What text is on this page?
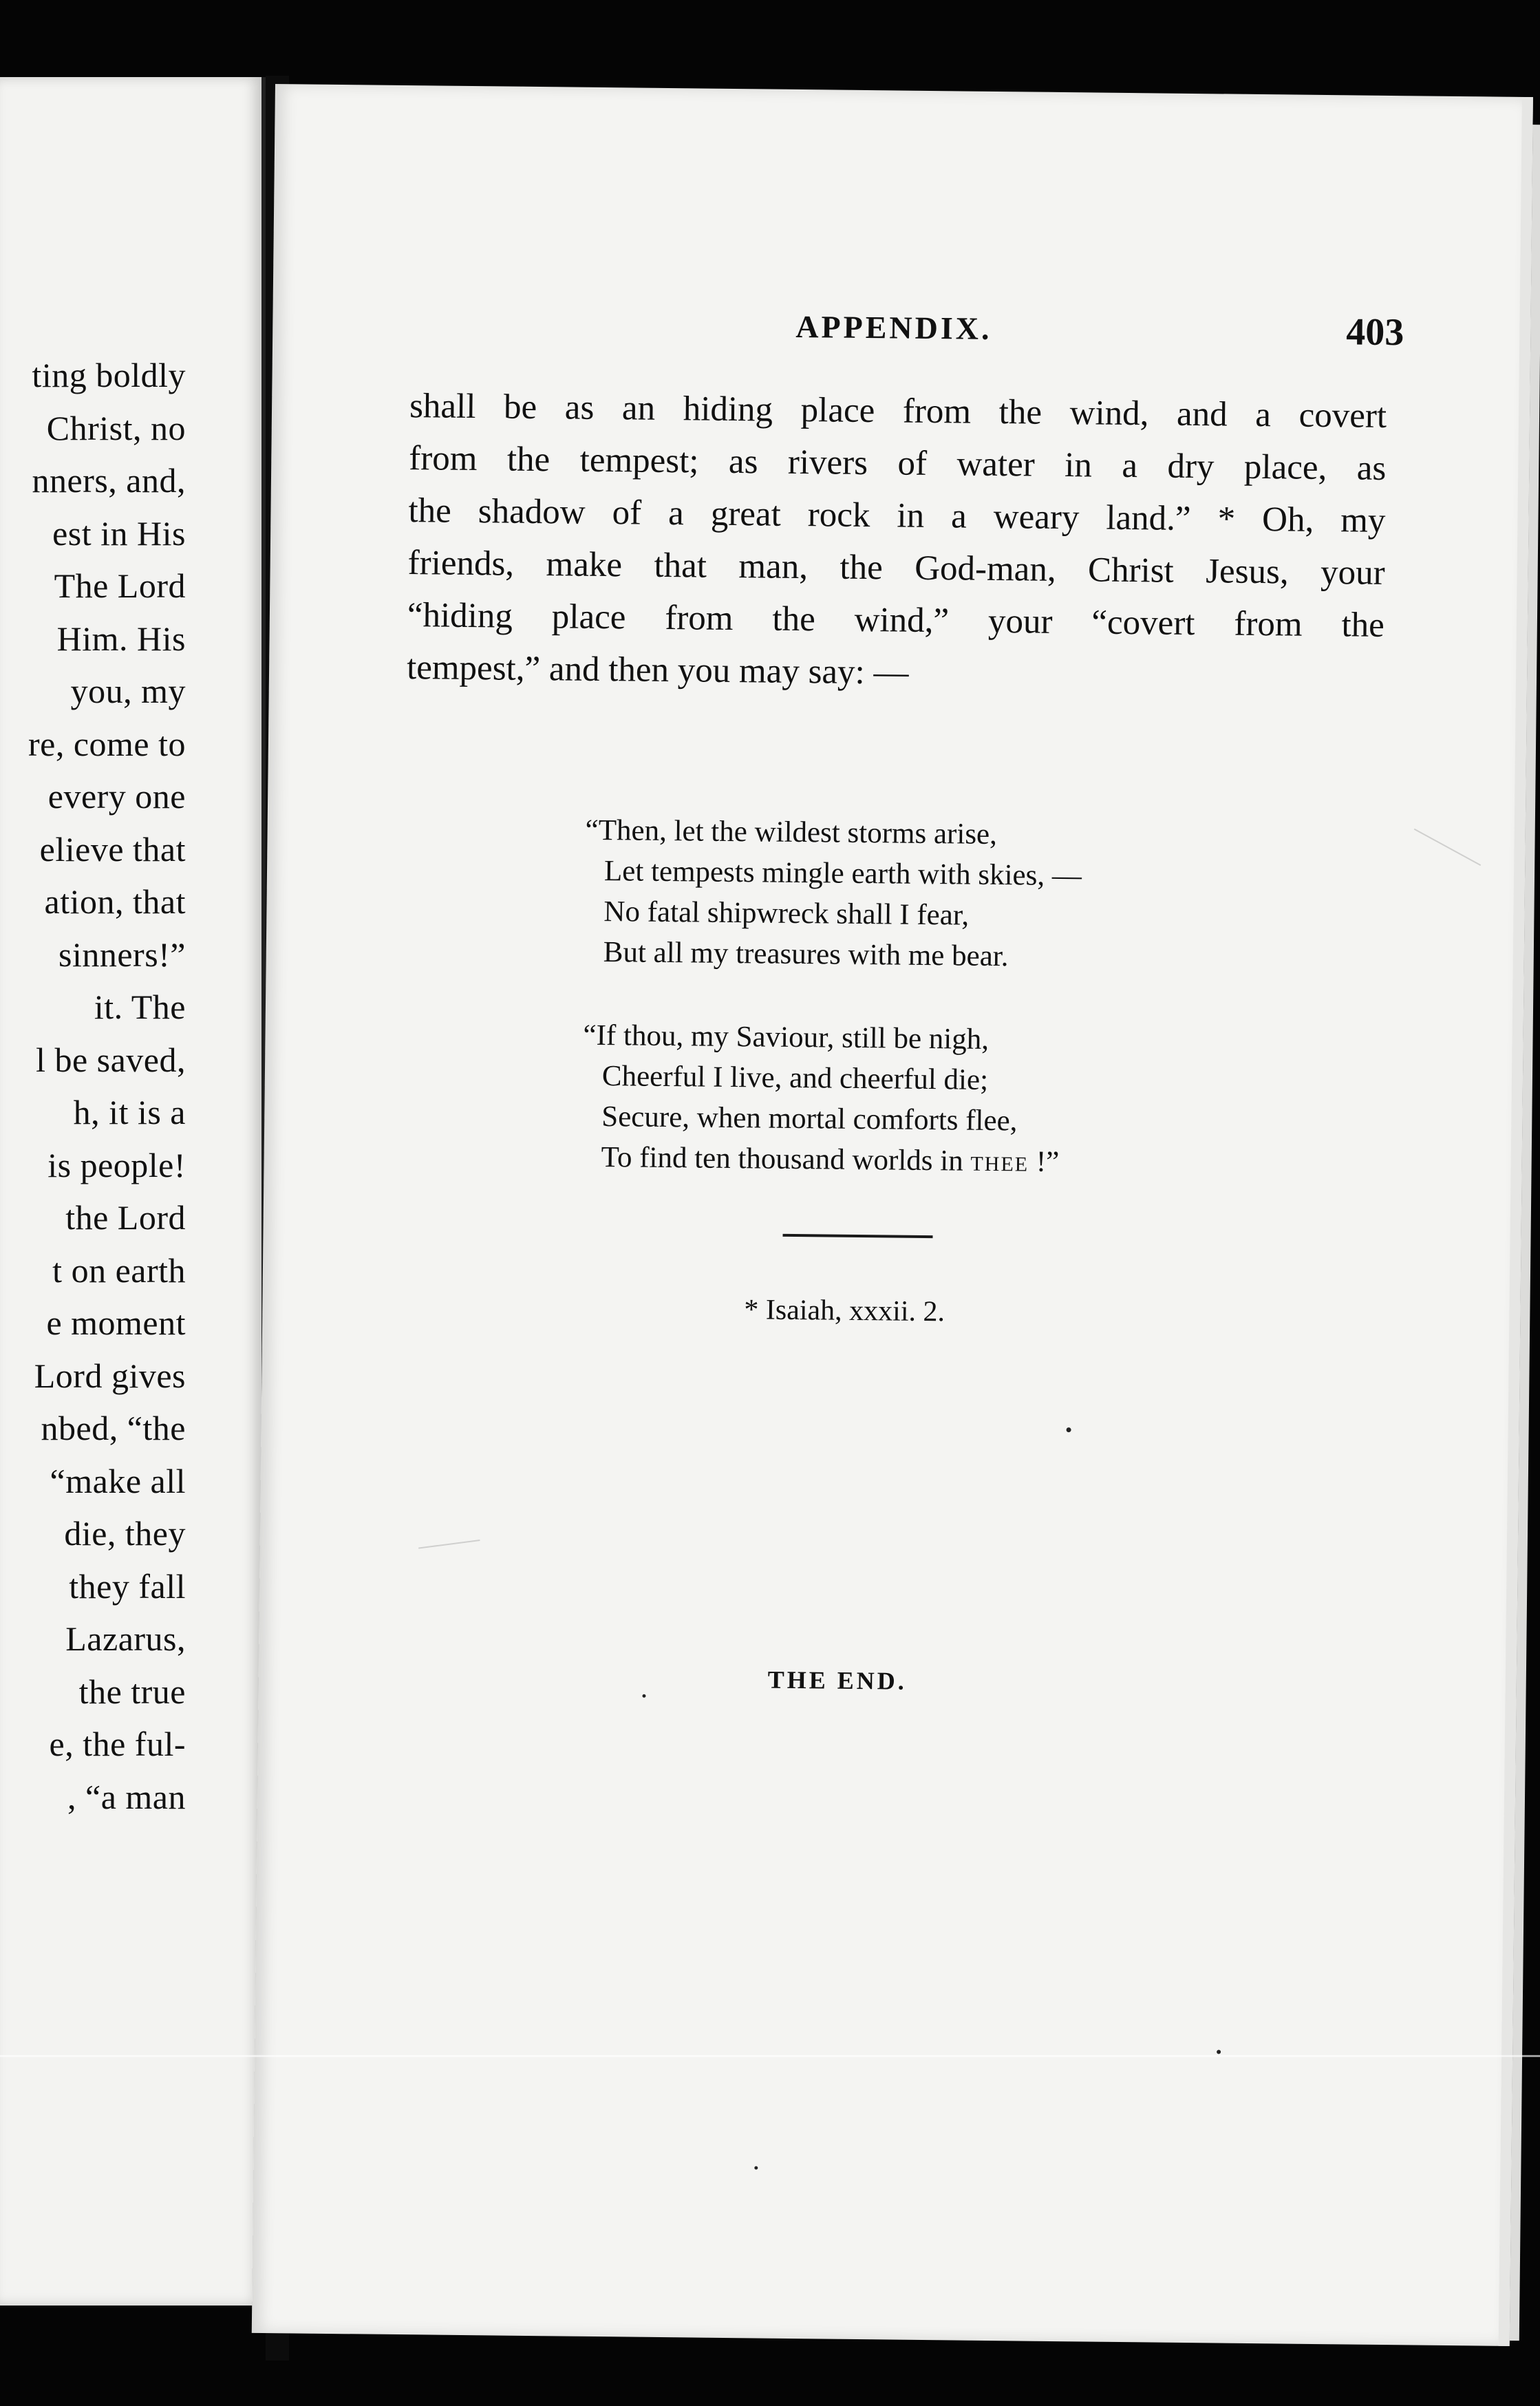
ting boldly
Christ, no
nners, and,
est in His
The Lord
Him. His
you, my
re, come to
every one
elieve that
ation, that
sinners!”
it. The
l be saved,
h, it is a
is people!
the Lord
t on earth
e moment
Lord gives
nbed, “the
“make all
die, they
they fall
Lazarus,
the true
e, the ful-
, “a man
APPENDIX.	403
shall be as an hiding place from the wind, and a covert
from the tempest; as rivers of water in a dry place, as
the shadow of a great rock in a weary land.” * Oh, my
friends, make that man, the God-man, Christ Jesus, your
“hiding place from the wind,” your “covert from the
tempest,” and then you may say: —
“Then, let the wildest storms arise,
Let tempests mingle earth with skies, —
No fatal shipwreck shall I fear,
But all my treasures with me bear.
“If thou, my Saviour, still be nigh,
Cheerful I live, and cheerful die;
Secure, when mortal comforts flee,
To find ten thousand worlds in thee !”
* Isaiah, xxxii. 2.
THE END.
